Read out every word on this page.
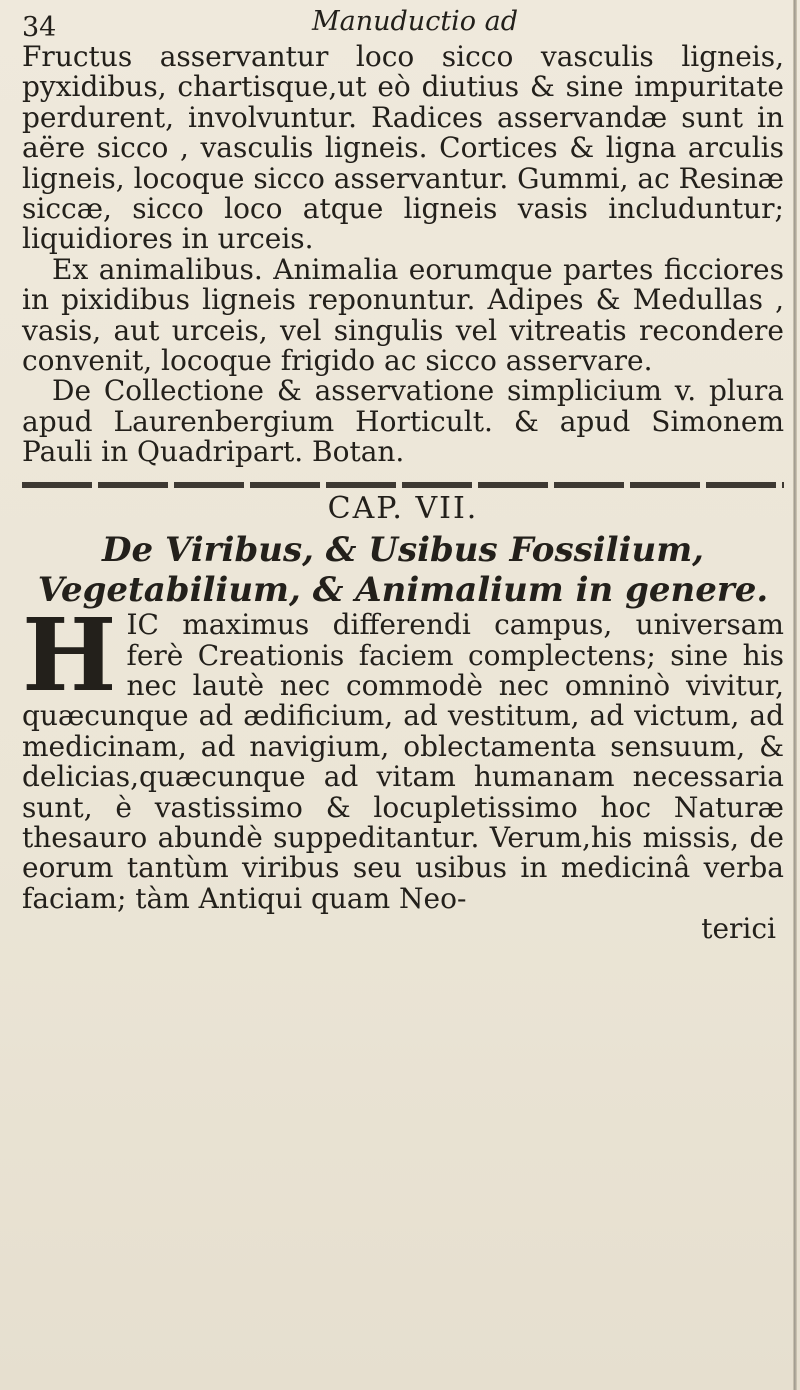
34	Manuductio ad

Fructus asservantur loco sicco vasculis ligneis, pyxidibus, chartisque,ut eò diutius & sine impuritate perdurent, involvuntur. Radices asservandæ sunt in aëre sicco , vasculis ligneis. Cortices & ligna arculis ligneis, locoque sicco asservantur. Gummi, ac Resinæ siccæ, sicco loco atque ligneis vasis includuntur; liquidiores in urceis.

Ex animalibus. Animalia eorumque partes ficciores in pixidibus ligneis reponuntur. Adipes & Medullas , vasis, aut urceis, vel singulis vel vitreatis recondere convenit, locoque frigido ac sicco asservare.

De Collectione & asservatione simplicium v. plura apud Laurenbergium Horticult. & apud Simonem Pauli in Quadripart. Botan.

CAP. VII.

De Viribus, & Usibus Fossilium, Vegetabilium, & Animalium in genere.

HIC maximus differendi campus, universam ferè Creationis faciem complectens; sine his nec lautè nec commodè nec omninò vivitur, quæcunque ad ædificium, ad vestitum, ad victum, ad medicinam, ad navigium, oblectamenta sensuum, & delicias,quæcunque ad vitam humanam necessaria sunt, è vastissimo & locupletissimo hoc Naturæ thesauro abundè suppeditantur. Verum,his missis, de eorum tantùm viribus seu usibus in medicinâ verba faciam; tàm Antiqui quam Neo-

terici
